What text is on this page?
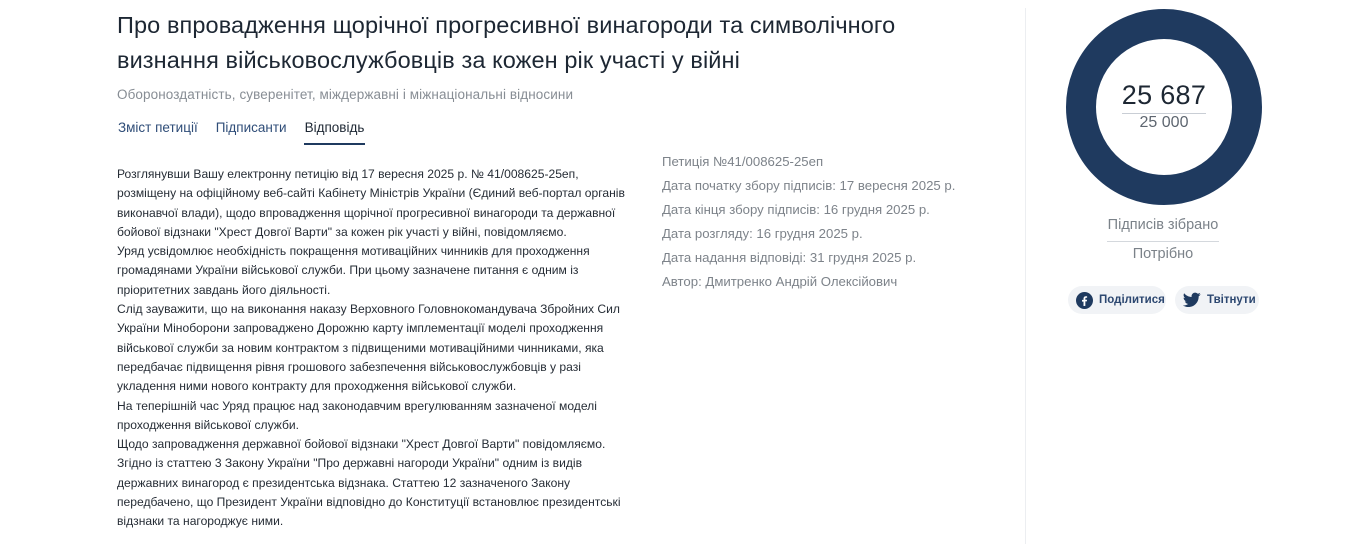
Про впровадження щорічної прогресивної винагороди та символічного визнання військовослужбовців за кожен рік участі у війні
Обороноздатність, суверенітет, міждержавні і міжнаціональні відносини
Зміст петиції Підписанти Відповідь

Розглянувши Вашу електронну петицію від 17 вересня 2025 р. № 41/008625-25еп, розміщену на офіційному веб-сайті Кабінету Міністрів України (Єдиний веб-портал органів виконавчої влади), щодо впровадження щорічної прогресивної винагороди та державної бойової відзнаки "Хрест Довгої Варти" за кожен рік участі у війні, повідомляємо.

Уряд усвідомлює необхідність покращення мотиваційних чинників для проходження громадянами України військової служби. При цьому зазначене питання є одним із пріоритетних завдань його діяльності.

Слід зауважити, що на виконання наказу Верховного Головнокомандувача Збройних Сил України Міноборони запроваджено Дорожню карту імплементації моделі проходження військової служби за новим контрактом з підвищеними мотиваційними чинниками, яка передбачає підвищення рівня грошового забезпечення військовослужбовців у разі укладення ними нового контракту для проходження військової служби.

На теперішній час Уряд працює над законодавчим врегулюванням зазначеної моделі проходження військової служби.

Щодо запровадження державної бойової відзнаки "Хрест Довгої Варти" повідомляємо.

Згідно із статтею 3 Закону України "Про державні нагороди України" одним із видів державних винагород є президентська відзнака. Статтею 12 зазначеного Закону передбачено, що Президент України відповідно до Конституції встановлює президентські відзнаки та нагороджує ними.

Петиція №41/008625-25еп
Дата початку збору підписів: 17 вересня 2025 р.
Дата кінця збору підписів: 16 грудня 2025 р.
Дата розгляду: 16 грудня 2025 р.
Дата надання відповіді: 31 грудня 2025 р.
Автор: Дмитренко Андрій Олексійович
25 687
25 000
Підписів зібрано
Потрібно
Поділитися	Твітнути
